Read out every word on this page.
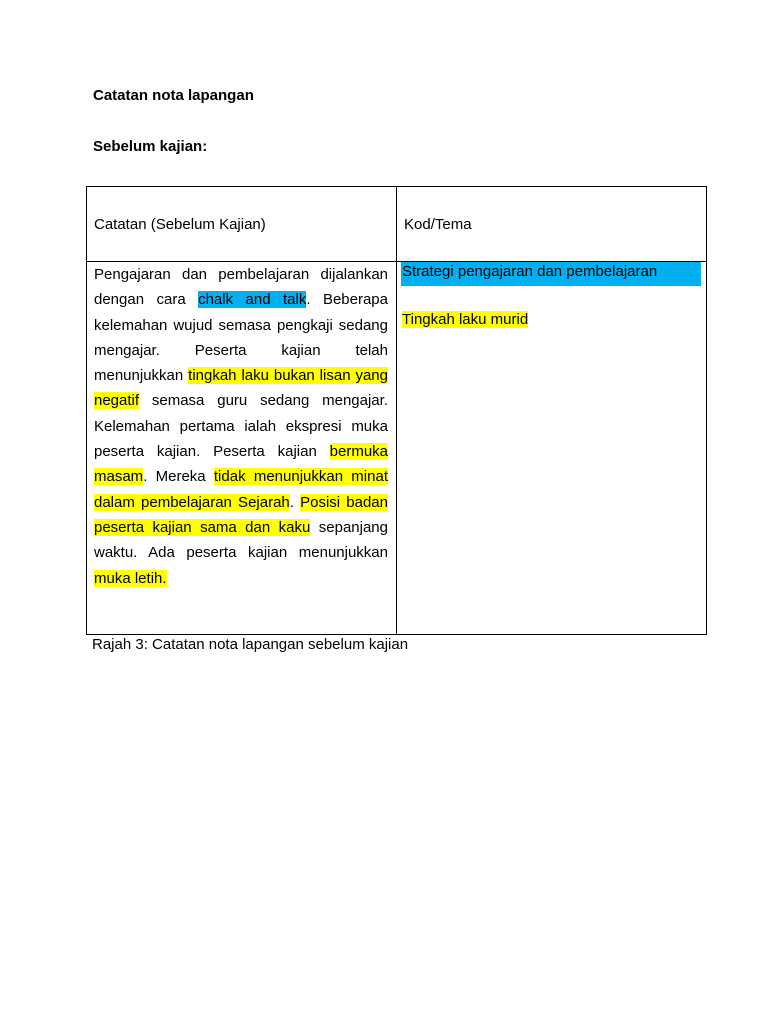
Catatan nota lapangan
Sebelum kajian:
Catatan (Sebelum Kajian)	Kod/Tema

Pengajaran dan pembelajaran dijalankan dengan cara chalk and talk. Beberapa kelemahan wujud semasa pengkaji sedang mengajar. Peserta kajian telah menunjukkan tingkah laku bukan lisan yang negatif semasa guru sedang mengajar. Kelemahan pertama ialah ekspresi muka peserta kajian. Peserta kajian bermuka masam. Mereka tidak menunjukkan minat dalam pembelajaran Sejarah. Posisi badan peserta kajian sama dan kaku sepanjang waktu. Ada peserta kajian menunjukkan muka letih.	Strategi pengajaran dan pembelajaran
Tingkah laku murid

Rajah 3: Catatan nota lapangan sebelum kajian
